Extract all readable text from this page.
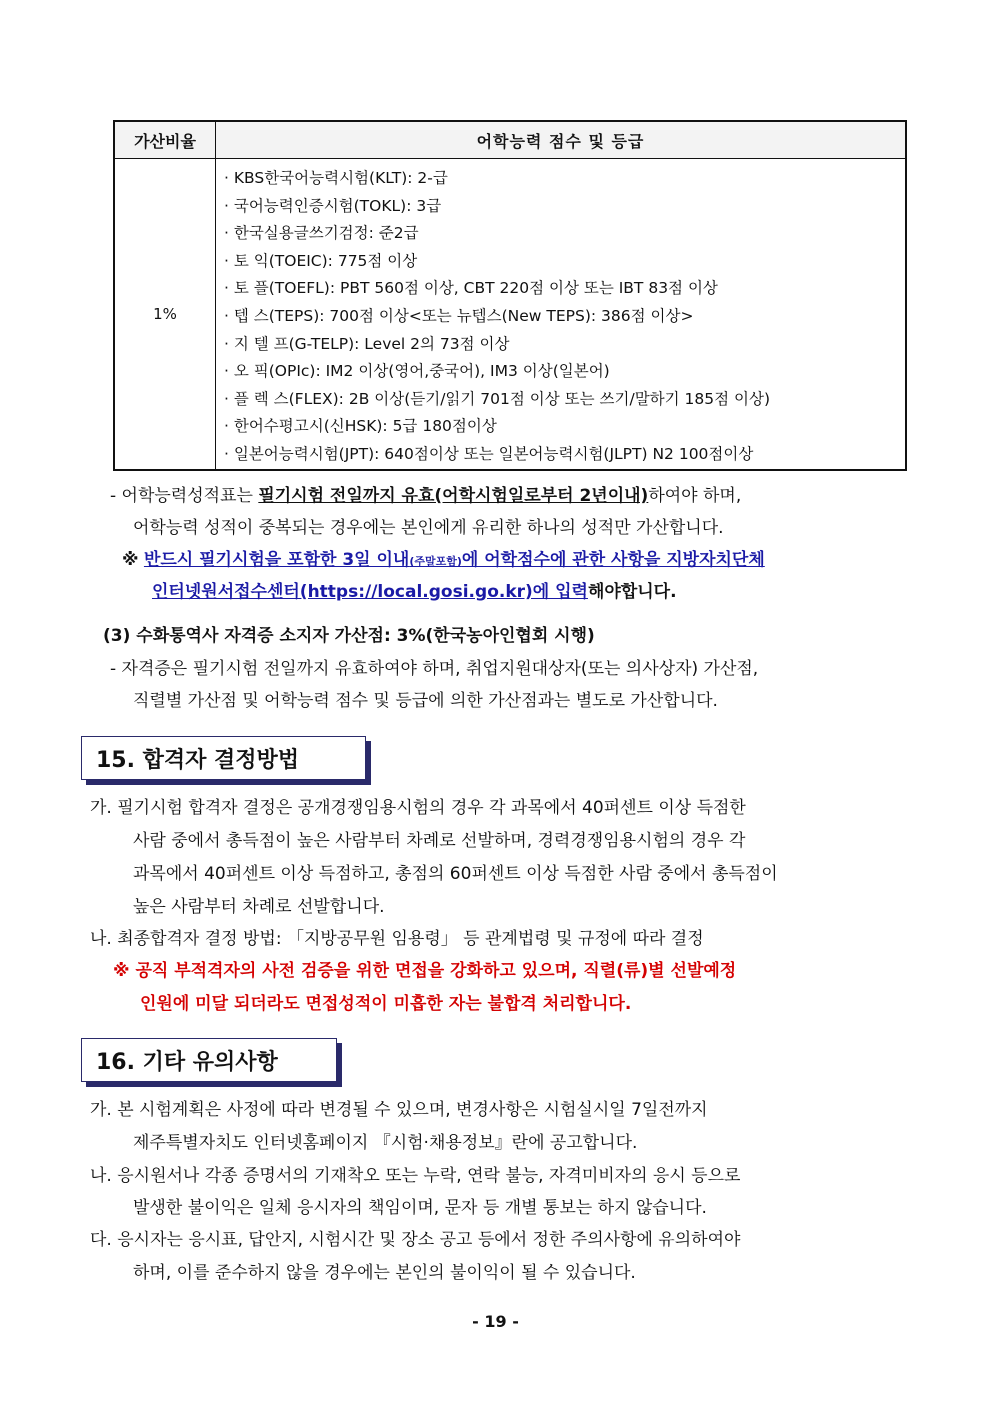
가산비율	어학능력 점수 및 등급
1%
· KBS한국어능력시험(KLT): 2-급
· 국어능력인증시험(TOKL): 3급
· 한국실용글쓰기검정: 준2급
· 토 익(TOEIC): 775점 이상
· 토 플(TOEFL): PBT 560점 이상, CBT 220점 이상 또는 IBT 83점 이상
· 텝 스(TEPS): 700점 이상<또는 뉴텝스(New TEPS): 386점 이상>
· 지 텔 프(G-TELP): Level 2의 73점 이상
· 오 픽(OPIc): IM2 이상(영어,중국어), IM3 이상(일본어)
· 플 렉 스(FLEX): 2B 이상(듣기/읽기 701점 이상 또는 쓰기/말하기 185점 이상)
· 한어수평고시(신HSK): 5급 180점이상
· 일본어능력시험(JPT): 640점이상 또는 일본어능력시험(JLPT) N2 100점이상
- 어학능력성적표는 필기시험 전일까지 유효(어학시험일로부터 2년이내)하여야 하며,
어학능력 성적이 중복되는 경우에는 본인에게 유리한 하나의 성적만 가산합니다.
※ 반드시 필기시험을 포함한 3일 이내(주말포함)에 어학점수에 관한 사항을 지방자치단체
인터넷원서접수센터(https://local.gosi.go.kr)에 입력해야합니다.
(3) 수화통역사 자격증 소지자 가산점: 3%(한국농아인협회 시행)
- 자격증은 필기시험 전일까지 유효하여야 하며, 취업지원대상자(또는 의사상자) 가산점,
직렬별 가산점 및 어학능력 점수 및 등급에 의한 가산점과는 별도로 가산합니다.
15. 합격자 결정방법
가. 필기시험 합격자 결정은 공개경쟁임용시험의 경우 각 과목에서 40퍼센트 이상 득점한
사람 중에서 총득점이 높은 사람부터 차례로 선발하며, 경력경쟁임용시험의 경우 각
과목에서 40퍼센트 이상 득점하고, 총점의 60퍼센트 이상 득점한 사람 중에서 총득점이
높은 사람부터 차례로 선발합니다.
나. 최종합격자 결정 방법: 「지방공무원 임용령」 등 관계법령 및 규정에 따라 결정
※ 공직 부적격자의 사전 검증을 위한 면접을 강화하고 있으며, 직렬(류)별 선발예정
인원에 미달 되더라도 면접성적이 미흡한 자는 불합격 처리합니다.
16. 기타 유의사항
가. 본 시험계획은 사정에 따라 변경될 수 있으며, 변경사항은 시험실시일 7일전까지
제주특별자치도 인터넷홈페이지 『시험·채용정보』란에 공고합니다.
나. 응시원서나 각종 증명서의 기재착오 또는 누락, 연락 불능, 자격미비자의 응시 등으로
발생한 불이익은 일체 응시자의 책임이며, 문자 등 개별 통보는 하지 않습니다.
다. 응시자는 응시표, 답안지, 시험시간 및 장소 공고 등에서 정한 주의사항에 유의하여야
하며, 이를 준수하지 않을 경우에는 본인의 불이익이 될 수 있습니다.
- 19 -
